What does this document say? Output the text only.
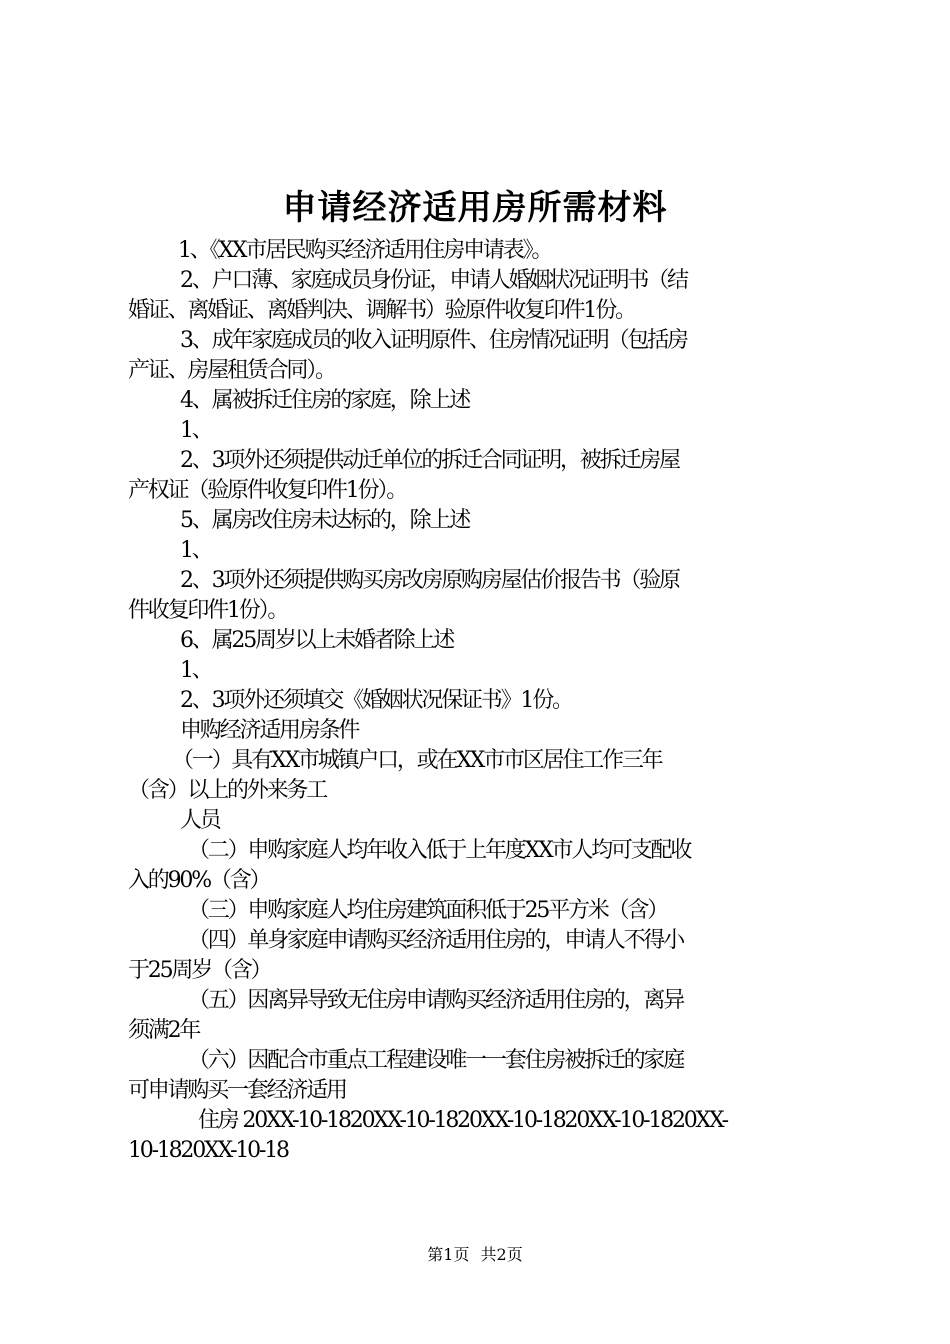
申请经济适用房所需材料
1、《XX市居民购买经济适用住房申请表》。
2、户口薄、家庭成员身份证，申请人婚姻状况证明书（结
婚证、离婚证、离婚判决、调解书）验原件收复印件1份。
3、成年家庭成员的收入证明原件、住房情况证明（包括房
产证、房屋租赁合同）。
4、属被拆迁住房的家庭，除上述
1、
2、3项外还须提供动迁单位的拆迁合同证明，被拆迁房屋
产权证（验原件收复印件1份）。
5、属房改住房未达标的，除上述
1、
2、3项外还须提供购买房改房原购房屋估价报告书（验原
件收复印件1份）。
6、属25周岁以上未婚者除上述
1、
2、3项外还须填交《婚姻状况保证书》1份。
申购经济适用房条件
（一）具有XX市城镇户口，或在XX市市区居住工作三年
（含）以上的外来务工
人员
（二）申购家庭人均年收入低于上年度XX市人均可支配收
入的90%（含）
（三）申购家庭人均住房建筑面积低于25平方米（含）
（四）单身家庭申请购买经济适用住房的，申请人不得小
于25周岁（含）
（五）因离异导致无住房申请购买经济适用住房的，离异
须满2年
（六）因配合市重点工程建设唯一一套住房被拆迁的家庭
可申请购买一套经济适用
住房 20XX-10-1820XX-10-1820XX-10-1820XX-10-1820XX-
10-1820XX-10-18
第1页 共2页
